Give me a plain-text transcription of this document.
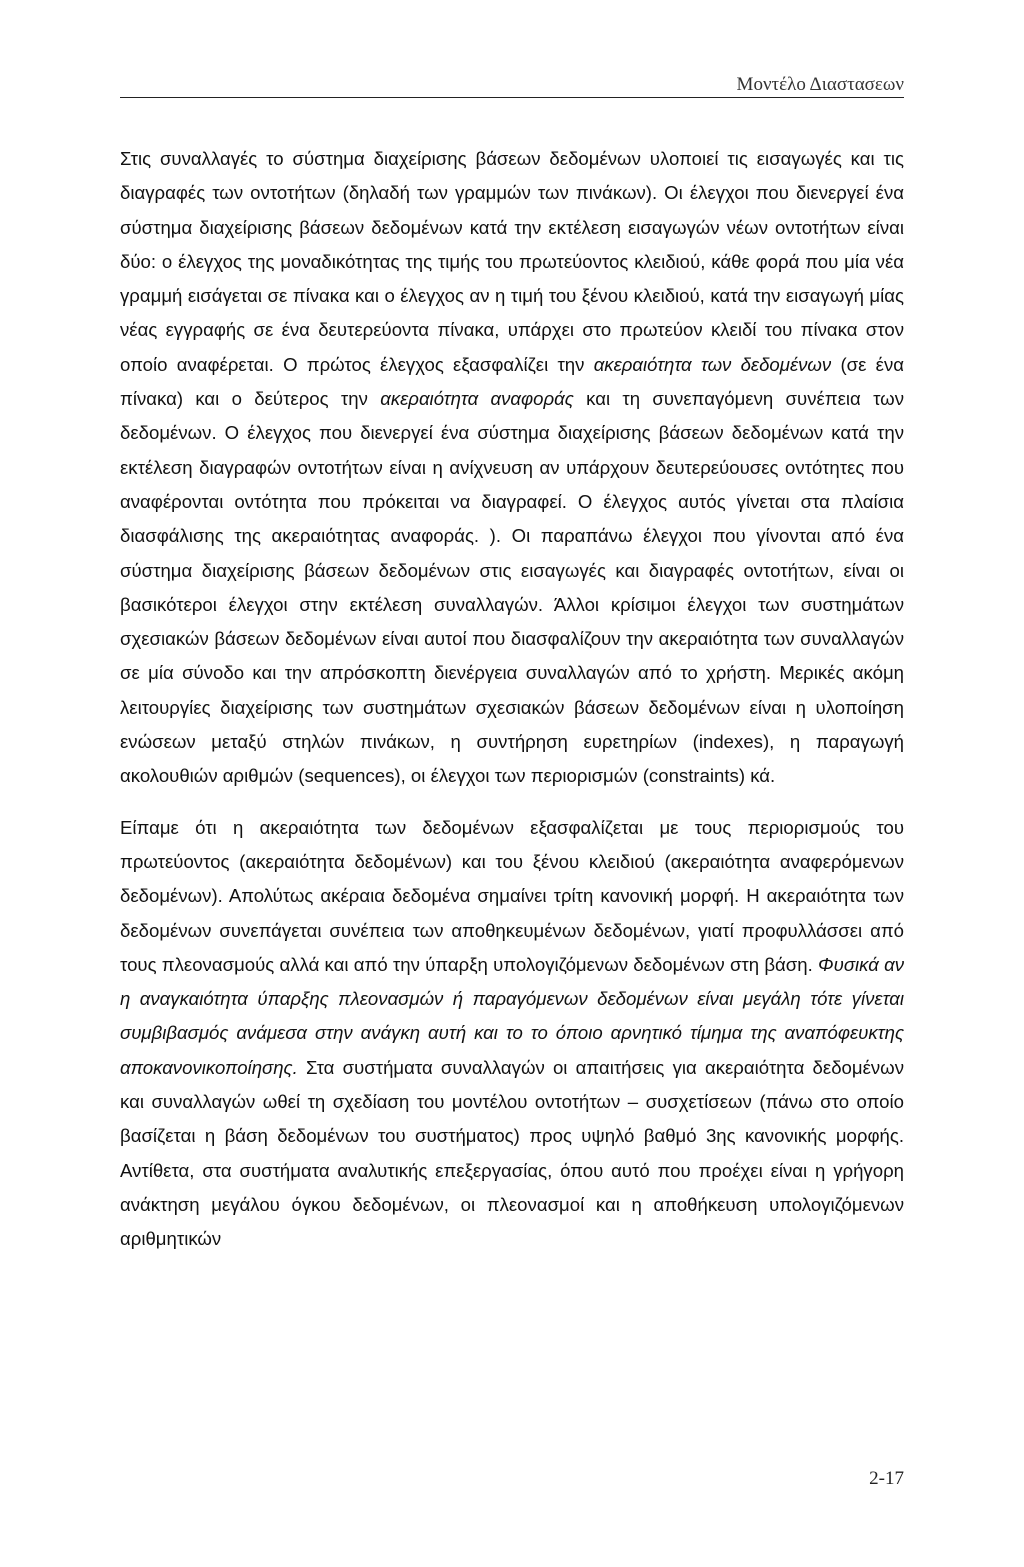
Μοντέλο Διαστασεων

Στις συναλλαγές το σύστημα διαχείρισης βάσεων δεδομένων υλοποιεί τις εισαγωγές και τις διαγραφές των οντοτήτων (δηλαδή των γραμμών των πινάκων). Οι έλεγχοι που διενεργεί ένα σύστημα διαχείρισης βάσεων δεδομένων κατά την εκτέλεση εισαγωγών νέων οντοτήτων είναι δύο: ο έλεγχος της μοναδικότητας της τιμής του πρωτεύοντος κλειδιού, κάθε φορά που μία νέα γραμμή εισάγεται σε πίνακα και ο έλεγχος αν η τιμή του ξένου κλειδιού, κατά την εισαγωγή μίας νέας εγγραφής σε ένα δευτερεύοντα πίνακα, υπάρχει στο πρωτεύον κλειδί του πίνακα στον οποίο αναφέρεται. Ο πρώτος έλεγχος εξασφαλίζει την ακεραιότητα των δεδομένων (σε ένα πίνακα) και ο δεύτερος την ακεραιότητα αναφοράς και τη συνεπαγόμενη συνέπεια των δεδομένων. Ο έλεγχος που διενεργεί ένα σύστημα διαχείρισης βάσεων δεδομένων κατά την εκτέλεση διαγραφών οντοτήτων είναι η ανίχνευση αν υπάρχουν δευτερεύουσες οντότητες που αναφέρονται οντότητα που πρόκειται να διαγραφεί. Ο έλεγχος αυτός γίνεται στα πλαίσια διασφάλισης της ακεραιότητας αναφοράς. ). Οι παραπάνω έλεγχοι που γίνονται από ένα σύστημα διαχείρισης βάσεων δεδομένων στις εισαγωγές και διαγραφές οντοτήτων, είναι οι βασικότεροι έλεγχοι στην εκτέλεση συναλλαγών. Άλλοι κρίσιμοι έλεγχοι των συστημάτων σχεσιακών βάσεων δεδομένων είναι αυτοί που διασφαλίζουν την ακεραιότητα των συναλλαγών σε μία σύνοδο και την απρόσκοπτη διενέργεια συναλλαγών από το χρήστη. Μερικές ακόμη λειτουργίες διαχείρισης των συστημάτων σχεσιακών βάσεων δεδομένων είναι η υλοποίηση ενώσεων μεταξύ στηλών πινάκων, η συντήρηση ευρετηρίων (indexes), η παραγωγή ακολουθιών αριθμών (sequences), οι έλεγχοι των περιορισμών (constraints) κά.

Είπαμε ότι η ακεραιότητα των δεδομένων εξασφαλίζεται με τους περιορισμούς του πρωτεύοντος (ακεραιότητα δεδομένων) και του ξένου κλειδιού (ακεραιότητα αναφερόμενων δεδομένων). Απολύτως ακέραια δεδομένα σημαίνει τρίτη κανονική μορφή. Η ακεραιότητα των δεδομένων συνεπάγεται συνέπεια των αποθηκευμένων δεδομένων, γιατί προφυλλάσσει από τους πλεονασμούς αλλά και από την ύπαρξη υπολογιζόμενων δεδομένων στη βάση. Φυσικά αν η αναγκαιότητα ύπαρξης πλεονασμών ή παραγόμενων δεδομένων είναι μεγάλη τότε γίνεται συμβιβασμός ανάμεσα στην ανάγκη αυτή και το το όποιο αρνητικό τίμημα της αναπόφευκτης αποκανονικοποίησης. Στα συστήματα συναλλαγών οι απαιτήσεις για ακεραιότητα δεδομένων και συναλλαγών ωθεί τη σχεδίαση του μοντέλου οντοτήτων – συσχετίσεων (πάνω στο οποίο βασίζεται η βάση δεδομένων του συστήματος) προς υψηλό βαθμό 3ης κανονικής μορφής. Αντίθετα, στα συστήματα αναλυτικής επεξεργασίας, όπου αυτό που προέχει είναι η γρήγορη ανάκτηση μεγάλου όγκου δεδομένων, οι πλεονασμοί και η αποθήκευση υπολογιζόμενων αριθμητικών

2-17
